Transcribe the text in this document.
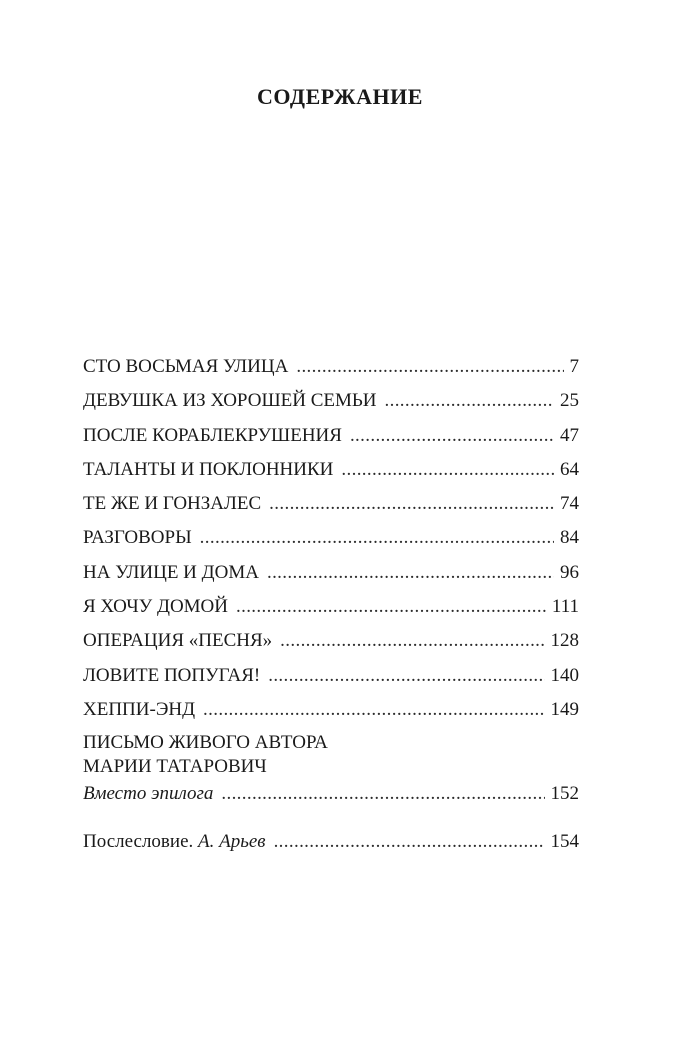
СОДЕРЖАНИЕ
СТО ВОСЬМАЯ УЛИЦА . . .	7
ДЕВУШКА ИЗ ХОРОШЕЙ СЕМЬИ . . .	25
ПОСЛЕ КОРАБЛЕКРУШЕНИЯ . . .	47
ТАЛАНТЫ И ПОКЛОННИКИ . . .	64
ТЕ ЖЕ И ГОНЗАЛЕС . . .	74
РАЗГОВОРЫ . . .	84
НА УЛИЦЕ И ДОМА . . .	96
Я ХОЧУ ДОМОЙ . . .	111
ОПЕРАЦИЯ «ПЕСНЯ» . . .	128
ЛОВИТЕ ПОПУГАЯ! . . .	140
ХЕППИ-ЭНД . . .	149
ПИСЬМО ЖИВОГО АВТОРА
МАРИИ ТАТАРОВИЧ
Вместо эпилога . . .	152
Послесловие. А. Арьев . . .	154
